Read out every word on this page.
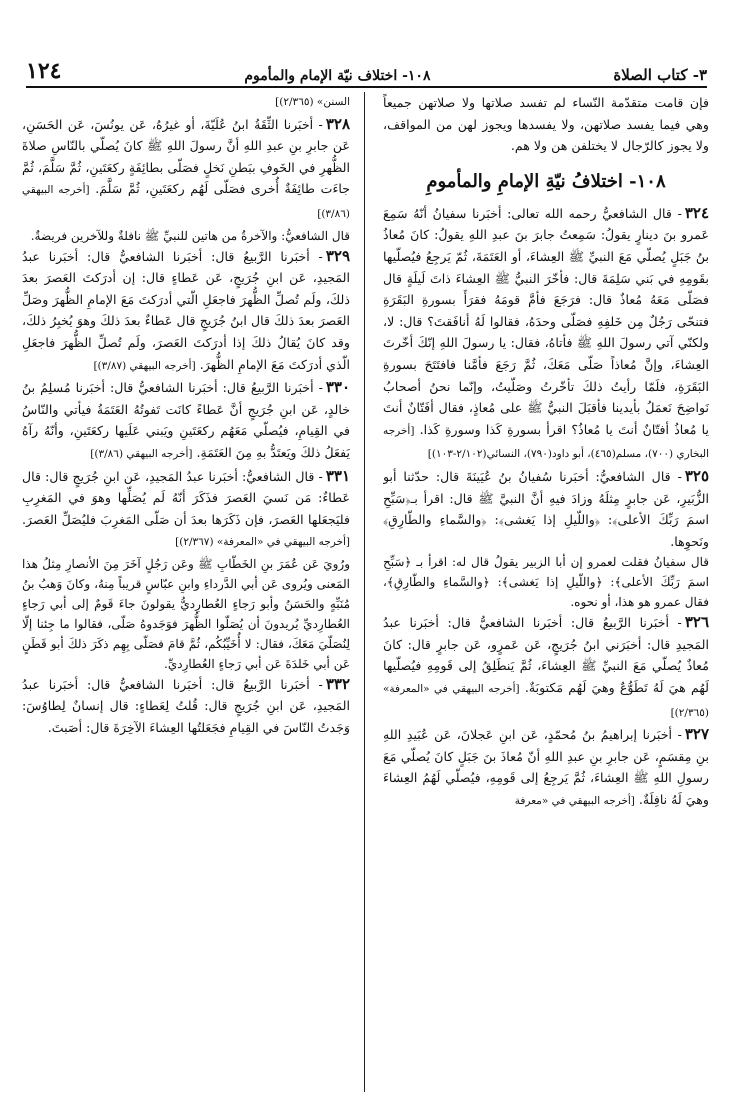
٣- كتاب الصلاة
١٠٨- اختلاف نيّة الإمام والمأموم
١٢٤

فإن قامت متقدّمة النّساء لم تفسد صلاتها ولا صلاتهن جميعاً وهي فيما يفسد صلاتهن، ولا يفسدها ويجوز لهن من المواقف، ولا يجوز كالرّجال لا يختلفن هن ولا هم.

١٠٨- اختلافُ نيّةِ الإمامِ والمأمومِ

٣٢٤- قال الشافعيُّ رحمه الله تعالى: أخبَرنا سفيانُ أنّهُ سَمِعَ عَمرو بنَ دينارٍ يقولُ: سَمِعتُ جابرَ بنَ عبدِ اللهِ يقولُ: كانَ مُعاذُ بنُ جَبَلٍ يُصلّي مَعَ النبيِّ ﷺ العِشاءَ، أو العَتَمَةَ، ثُمّ يَرجِعُ فيُصلّيها بقَومِهِ في بَني سَلِمَةَ قال: فأخّرَ النبيُّ ﷺ العِشاءَ ذاتَ لَيلَةٍ قال فصَلّى مَعَهُ مُعاذٌ قال: فرَجَعَ فأمَّ قومَهُ فقرَأَ بسورةِ البَقَرَةِ فتنحّى رَجُلٌ مِن خَلفِهِ فصَلّى وحدَهُ، فقالوا لَهُ أنافَقتَ؟ قال: لا، ولكنّي آتي رسولَ اللهِ ﷺ فأتاهُ، فقال: يا رسولَ اللهِ إنّكَ أخّرتَ العِشاءَ، وإنَّ مُعاذاً صَلّى مَعَكَ، ثُمَّ رَجَعَ فأمَّنا فافتَتَحَ بسورةِ البَقَرَةِ، فلَمّا رأيتُ ذلكَ تأخّرتُ وصَلّيتُ، وإنّما نحنُ أصحابُ نَواضِحَ نَعمَلُ بأيدينا فأقبَلَ النبيُّ ﷺ على مُعاذٍ، فقال أفَتّانٌ أنتَ يا مُعاذُ أفتّانٌ أنتَ يا مُعاذُ؟ اقرأ بسورةِ كَذا وسورةِ كَذا. [أخرجه البخاري (٧٠٠)، مسلم(٤٦٥)، أبو داود(٧٩٠)، النسائي(٢/١٠٢-١٠٣)]

٣٢٥- قال الشافعيُّ: أخبَرنا سُفيانُ بنُ عُيَينَةَ قال: حدّثنا أبو الزُّبَيرِ، عَن جابرٍ مِثلَهُ وزادَ فيهِ أنَّ النبيَّ ﷺ قال: اقرأ بـ﴿سَبِّحِ اسمَ رَبِّكَ الأعلى﴾: ﴿واللّيلِ إذا يَغشى﴾: ﴿والسَّماءِ والطّارِقِ﴾ ونَحوِها.

قال سفيانُ فقلت لعمرو إن أبا الزبير يقولُ قال له: اقرأ بـ ﴿سَبِّحِ اسمَ رَبِّكَ الأعلى﴾: ﴿واللّيلِ إذا يَغشى﴾: ﴿والسَّماءِ والطّارِقِ﴾، فقال عمرو هو هذا، أو نحوه.

٣٢٦- أخبَرنا الرَّبيعُ قال: أخبَرنا الشافعيُّ قال: أخبَرنا عبدُ المَجيدِ قال: أخبَرَني ابنُ جُرَيجٍ، عَن عَمرٍو، عَن جابرٍ قال: كانَ مُعاذٌ يُصلّي مَعَ النبيِّ ﷺ العِشاءَ، ثُمَّ يَنطَلِقُ إلى قَومِهِ فيُصلّيها لَهُم هيَ لَهُ تَطَوُّعٌ وهيَ لَهُم مَكتوبَةٌ. [أخرجه البيهقي في «المعرفة» (٢/٣٦٥)]

٣٢٧- أخبَرنا إبراهيمُ بنُ مُحمّدٍ، عَن ابنِ عَجلانَ، عَن عُبَيدِ اللهِ بنِ مِقسَمٍ، عَن جابرِ بنِ عبدِ اللهِ أنّ مُعاذَ بنَ جَبَلٍ كانَ يُصلّي مَعَ رسولِ اللهِ ﷺ العِشاءَ، ثُمَّ يَرجِعُ إلى قَومِهِ، فيُصلّي لَهُمُ العِشاءَ وهيَ لَهُ نافِلَةٌ. [أخرجه البيهقي في «معرفة

السنن» (٢/٣٦٥)]

٣٢٨- أخبَرنا الثِّقَةُ ابنُ عُلَيّةَ، أو غيرُهُ، عَن يونُسَ، عَن الحَسَنِ، عَن جابرِ بنِ عبدِ اللهِ أنَّ رسولَ اللهِ ﷺ كانَ يُصلّي بالنّاسِ صلاةَ الظُّهرِ في الخَوفِ ببَطنِ نَخلٍ فصَلّى بطائِفَةٍ ركعَتَينِ، ثُمَّ سَلَّمَ، ثُمَّ جاءَت طائِفَةٌ أُخرى فصَلّى لَهُم ركعَتَينِ، ثُمَّ سَلَّمَ. [أخرجه البيهقي (٣/٨٦)]

قال الشافعيُّ: والآخرةُ من هاتين للنبيِّ ﷺ نافلةٌ وللآخرين فريضةٌ.

٣٢٩- أخبَرنا الرَّبيعُ قال: أخبَرنا الشافعيُّ قال: أخبَرنا عبدُ المَجيدِ، عَن ابنِ جُرَيجٍ، عَن عَطاءٍ قال: إن أدرَكتَ العَصرَ بعدَ ذلكَ، ولَم تُصلِّ الظُّهرَ فاجعَلِ الّتي أدرَكتَ مَعَ الإمامِ الظُّهرَ وصَلِّ العَصرَ بعدَ ذلكَ قال ابنُ جُرَيجٍ قال عَطاءٌ بعدَ ذلكَ وهوَ يُخبِرُ ذلكَ، وقد كانَ يُقالُ ذلكَ إذا أدرَكتَ العَصرَ، ولَم تُصلِّ الظُّهرَ فاجعَلِ الّذي أدرَكتَ مَعَ الإمامِ الظُّهرَ. [أخرجه البيهقي (٣/٨٧)]

٣٣٠- أخبَرنا الرَّبيعُ قال: أخبَرنا الشافعيُّ قال: أخبَرنا مُسلِمُ بنُ خالدٍ، عَن ابنِ جُرَيجٍ أنَّ عَطاءً كانَت تَفوتُهُ العَتَمَةُ فيأتي والنّاسُ في القِيامِ، فيُصلّي مَعَهُم ركعَتَينِ ويَبني عَلَيها ركعَتَينِ، وأنّهُ رآهُ يَفعَلُ ذلكَ ويَعتَدُّ بهِ مِنَ العَتَمَةِ. [أخرجه البيهقي (٣/٨٦)]

٣٣١- قال الشافعيُّ: أخبَرنا عبدُ المَجيدِ، عَن ابنِ جُرَيجٍ قال: قال عَطاءٌ: مَن نَسيَ العَصرَ فذَكَرَ أنّهُ لَم يُصَلِّها وهوَ في المَغرِبِ فليَجعَلها العَصرَ، فإن ذَكَرَها بعدَ أن صَلّى المَغرِبَ فليُصَلِّ العَصرَ. [أخرجه البيهقي في «المعرفة» (٢/٣٦٧)]

ورُويَ عَن عُمَرَ بنِ الخَطّابِ ﷺ وعَن رَجُلٍ آخَرَ مِنَ الأنصارِ مِثلُ هذا المَعنى ويُروى عَن أبي الدَّرداءِ وابنِ عبّاسٍ قريباً مِنهُ، وكانَ وَهبُ بنُ مُنَبِّهٍ والحَسَنُ وأبو رَجاءٍ العُطارِديُّ يقولونَ جاءَ قَومٌ إلى أبي رَجاءٍ العُطارِديِّ يُريدونَ أن يُصَلّوا الظُّهرَ فوَجَدوهُ صَلّى، فقالوا ما جِئنا إلّا لِنُصَلّيَ مَعَكَ، فقال: لا أُخَيِّبُكُم، ثُمَّ قامَ فصَلّى بِهِم ذكَرَ ذلكَ أبو قَطَنٍ عَن أبي خَلدَةَ عَن أبي رَجاءٍ العُطارِديِّ.

٣٣٢- أخبَرنا الرَّبيعُ قال: أخبَرنا الشافعيُّ قال: أخبَرنا عبدُ المَجيدِ، عَن ابنِ جُرَيجٍ قال: قُلتُ لِعَطاءٍ: قال إنسانٌ لِطاوُسَ: وَجَدتُ النّاسَ في القِيامِ فجَعَلتُها العِشاءَ الآخِرَةَ قال: أصَبتَ.
